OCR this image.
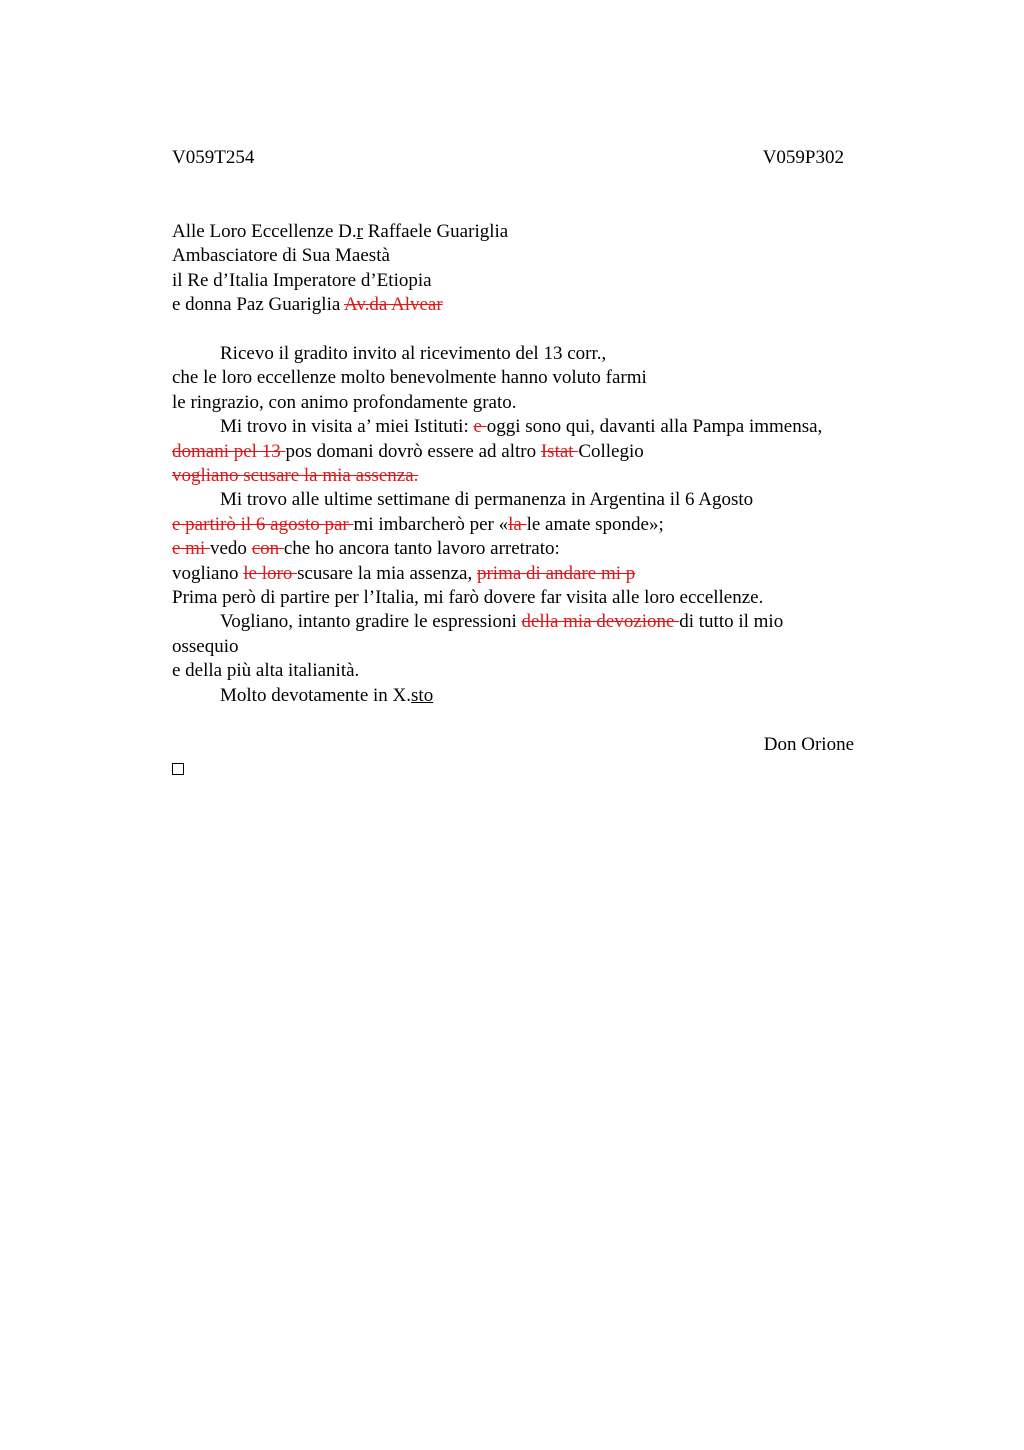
V059T254	V059P302
Alle Loro Eccellenze D.r Raffaele Guariglia
Ambasciatore di Sua Maestà
il Re d’Italia Imperatore d’Etiopia
e donna Paz Guariglia Av.da Alvear
Ricevo il gradito invito al ricevimento del 13 corr.,
che le loro eccellenze molto benevolmente hanno voluto farmi
le ringrazio, con animo profondamente grato.
Mi trovo in visita a’ miei Istituti: e oggi sono qui, davanti alla Pampa immensa,
domani pel 13 pos domani dovrò essere ad altro Istat Collegio
vogliano scusare la mia assenza.
Mi trovo alle ultime settimane di permanenza in Argentina il 6 Agosto
e partirò il 6 agosto par mi imbarcherò per «la le amate sponde»;
e mi vedo con che ho ancora tanto lavoro arretrato:
vogliano le loro scusare la mia assenza, prima di andare mi p
Prima però di partire per l’Italia, mi farò dovere far visita alle loro eccellenze.
Vogliano, intanto gradire le espressioni della mia devozione di tutto il mio
ossequio
e della più alta italianità.
Molto devotamente in X.sto
Don Orione
